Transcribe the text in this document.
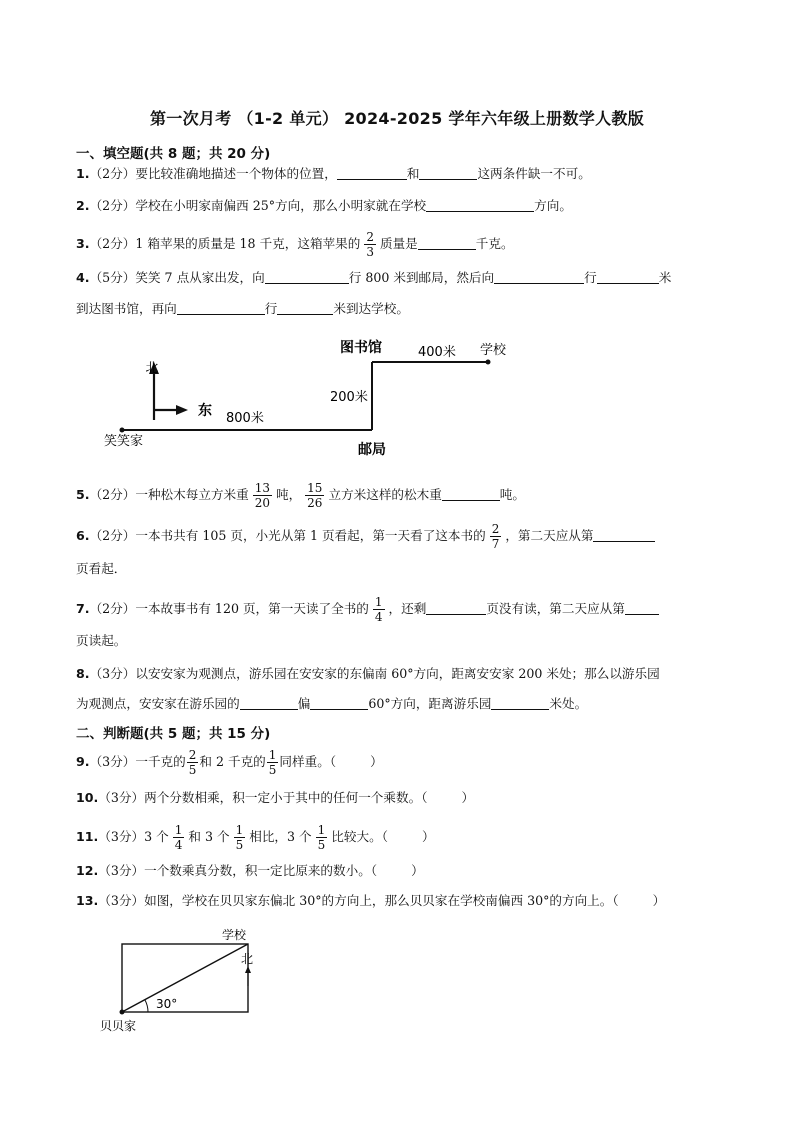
第一次月考 （1-2 单元） 2024-2025 学年六年级上册数学人教版
一、填空题(共 8 题；共 20 分)
1.（2分）要比较准确地描述一个物体的位置，	和	这两条件缺一不可。
2.（2分）学校在小明家南偏西 25°方向，那么小明家就在学校	方向。
3.（2分）1 箱苹果的质量是 18 千克，这箱苹果的 $\frac{2}{3}$ 质量是	千克。
4.（5分）笑笑 7 点从家出发，向	行 800 米到邮局，然后向	行	米
到达图书馆，再向	行	米到达学校。
北
东
笑笑家
800米
邮局
200米
图书馆	400米 学校
5.（2分）一种松木每立方米重 $\frac{13}{20}$ 吨， $\frac{15}{26}$ 立方米这样的松木重	吨。
6.（2分）一本书共有 105 页，小光从第 1 页看起，第一天看了这本书的 $\frac{2}{7}$ ，第二天应从第
页看起．
7.（2分）一本故事书有 120 页，第一天读了全书的 $\frac{1}{4}$ ，还剩	页没有读，第二天应从第
页读起。
8.（3分）以安安家为观测点，游乐园在安安家的东偏南 60°方向，距离安安家 200 米处；那么以游乐园
为观测点，安安家在游乐园的	偏	60°方向，距离游乐园	米处。
二、判断题(共 5 题；共 15 分)
9.（3分）一千克的 $\frac{2}{5}$ 和 2 千克的 $\frac{1}{5}$ 同样重。（	）
10.（3分）两个分数相乘，积一定小于其中的任何一个乘数。（	）
11.（3分）3 个 $\frac{1}{4}$ 和 3 个 $\frac{1}{5}$ 相比，3 个 $\frac{1}{5}$ 比较大。（	）
12.（3分）一个数乘真分数，积一定比原来的数小。（	）
13.（3分）如图，学校在贝贝家东偏北 30°的方向上，那么贝贝家在学校南偏西 30°的方向上。（	）
30°
学校
北
贝贝家
